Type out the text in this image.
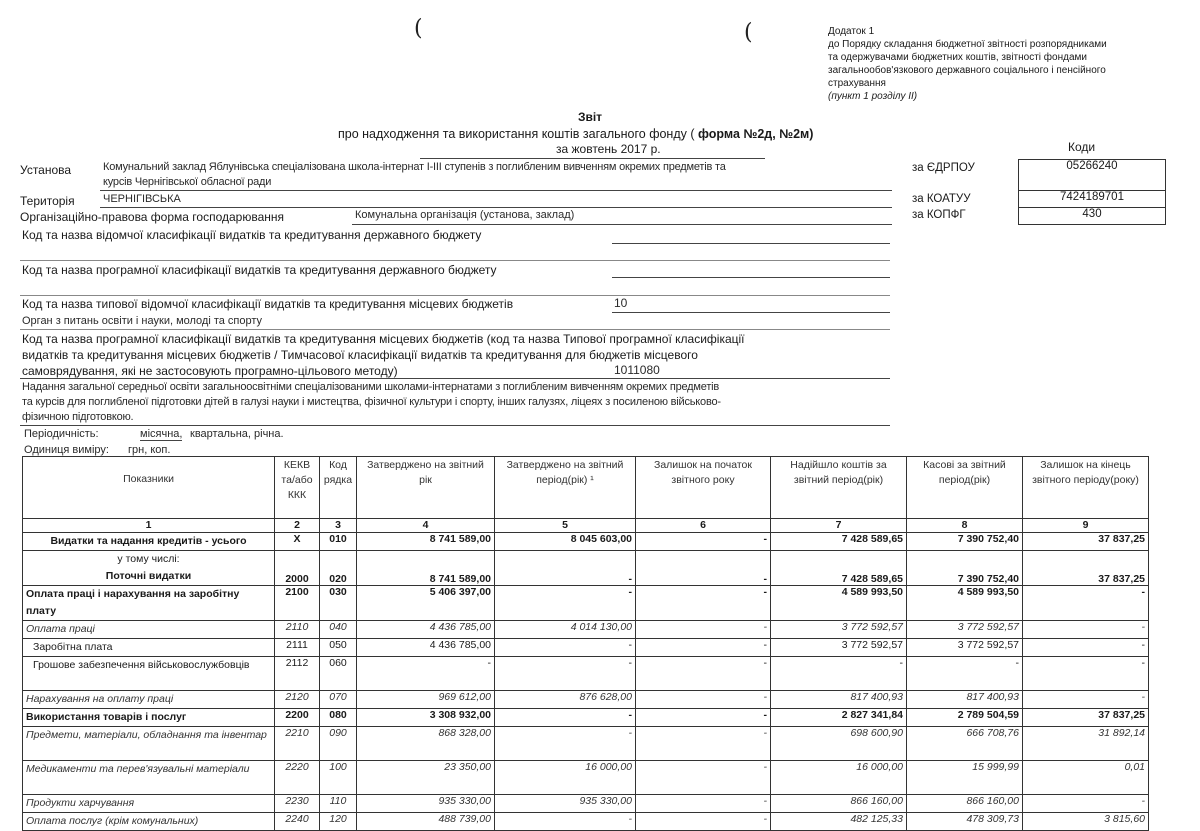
(	(	Додаток 1
до Порядку складання бюджетної звітності розпорядниками
та одержувачами бюджетних коштів, звітності фондами
загальнообов'язкового державного соціального і пенсійного
страхування
(пункт 1 розділу ІІ)
Звіт
про надходження та використання коштів загального фонду ( форма №2д, №2м)
за жовтень 2017 р.	Коди
за ЄДРПОУ	05266240
за КОАТУУ	7424189701
за КОПФГ	430
Установа	Комунальний заклад Яблунівська спеціалізована школа-інтернат І-ІІІ ступенів з поглибленим вивченням окремих предметів та
курсів Чернігівської обласної ради
Територія	ЧЕРНІГІВСЬКА
Організаційно-правова форма господарювання	Комунальна організація (установа, заклад)
Код та назва відомчої класифікації видатків та кредитування державного бюджету
Код та назва програмної класифікації видатків та кредитування державного бюджету
Код та назва типової відомчої класифікації видатків та кредитування місцевих бюджетів	10
Орган з питань освіти і науки, молоді та спорту
Код та назва програмної класифікації видатків та кредитування місцевих бюджетів (код та назва Типової програмної класифікації
видатків та кредитування місцевих бюджетів / Тимчасової класифікації видатків та кредитування для бюджетів місцевого
самоврядування, які не застосовують програмно-цільового методу)	1011080
Надання загальної середньої освіти загальноосвітніми спеціалізованими школами-інтернатами з поглибленим вивченням окремих предметів
та курсів для поглибленої підготовки дітей в галузі науки і мистецтва, фізичної культури і спорту, інших галузях, ліцеях з посиленою військово-
фізичною підготовкою.
Періодичність:	місячна, квартальна, річна.
Одиниця виміру: грн, коп.
Показники	КЕКВ та/або ККК	Код рядка	Затверджено на звітний рік	Затверджено на звітний період(рік) ¹	Залишок на початок звітного року	Надійшло коштів за звітний період(рік)	Касові за звітний період(рік)	Залишок на кінець звітного періоду(року)
1	2	3	4	5	6	7	8	9
Видатки та надання кредитів - усього	X	010	8 741 589,00	8 045 603,00	-	7 428 589,65	7 390 752,40	37 837,25

у тому числі:
Поточні видатки	2000	020	8 741 589,00	-	-	7 428 589,65	7 390 752,40	37 837,25
Оплата праці і нарахування на заробітну плату	2100	030	5 406 397,00	-	-	4 589 993,50	4 589 993,50	-
Оплата праці	2110	040	4 436 785,00	4 014 130,00	-	3 772 592,57	3 772 592,57	-
Заробітна плата	2111	050	4 436 785,00	-	-	3 772 592,57	3 772 592,57	-
Грошове забезпечення військовослужбовців	2112	060	-	-	-	-	-	-
Нарахування на оплату праці	2120	070	969 612,00	876 628,00	-	817 400,93	817 400,93	-
Використання товарів і послуг	2200	080	3 308 932,00	-	-	2 827 341,84	2 789 504,59	37 837,25
Предмети, матеріали, обладнання та інвентар	2210	090	868 328,00	-	-	698 600,90	666 708,76	31 892,14
Медикаменти та перев'язувальні матеріали	2220	100	23 350,00	16 000,00	-	16 000,00	15 999,99	0,01
Продукти харчування	2230	110	935 330,00	935 330,00	-	866 160,00	866 160,00	-
Оплата послуг (крім комунальних)	2240	120	488 739,00	-	-	482 125,33	478 309,73	3 815,60
